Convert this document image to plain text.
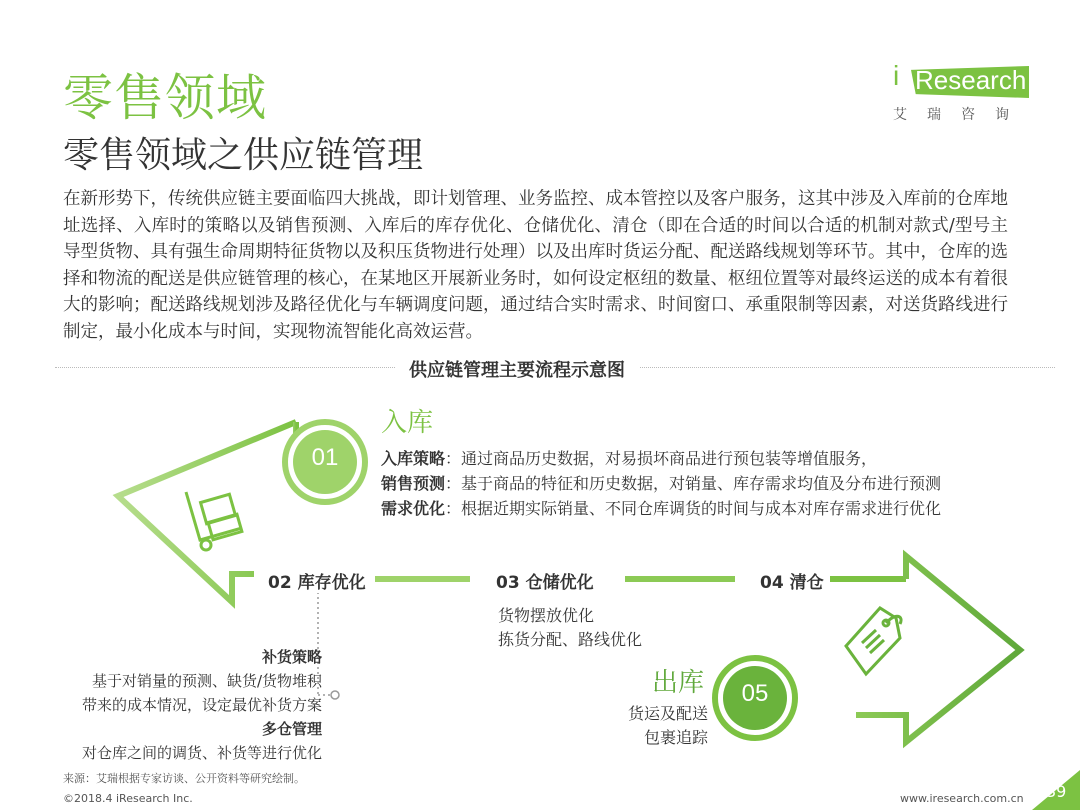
零售领域
零售领域之供应链管理
i Research
艾瑞咨询
在新形势下，传统供应链主要面临四大挑战，即计划管理、业务监控、成本管控以及客户服务，这其中涉及入库前的仓库地址选择、入库时的策略以及销售预测、入库后的库存优化、仓储优化、清仓（即在合适的时间以合适的机制对款式/型号主导型货物、具有强生命周期特征货物以及积压货物进行处理）以及出库时货运分配、配送路线规划等环节。其中，仓库的选择和物流的配送是供应链管理的核心，在某地区开展新业务时，如何设定枢纽的数量、枢纽位置等对最终运送的成本有着很大的影响；配送路线规划涉及路径优化与车辆调度问题，通过结合实时需求、时间窗口、承重限制等因素，对送货路线进行制定，最小化成本与时间，实现物流智能化高效运营。
供应链管理主要流程示意图
01
05
入库
入库策略：通过商品历史数据，对易损坏商品进行预包装等增值服务，
销售预测：基于商品的特征和历史数据，对销量、库存需求均值及分布进行预测
需求优化：根据近期实际销量、不同仓库调货的时间与成本对库存需求进行优化
02 库存优化	03 仓储优化	04 清仓
货物摆放优化
拣货分配、路线优化
补货策略
基于对销量的预测、缺货/货物堆积
带来的成本情况，设定最优补货方案
多仓管理
对仓库之间的调货、补货等进行优化
出库
货运及配送
包裹追踪
来源：艾瑞根据专家访谈、公开资料等研究绘制。
©2018.4 iResearch Inc.	www.iresearch.com.cn 39
